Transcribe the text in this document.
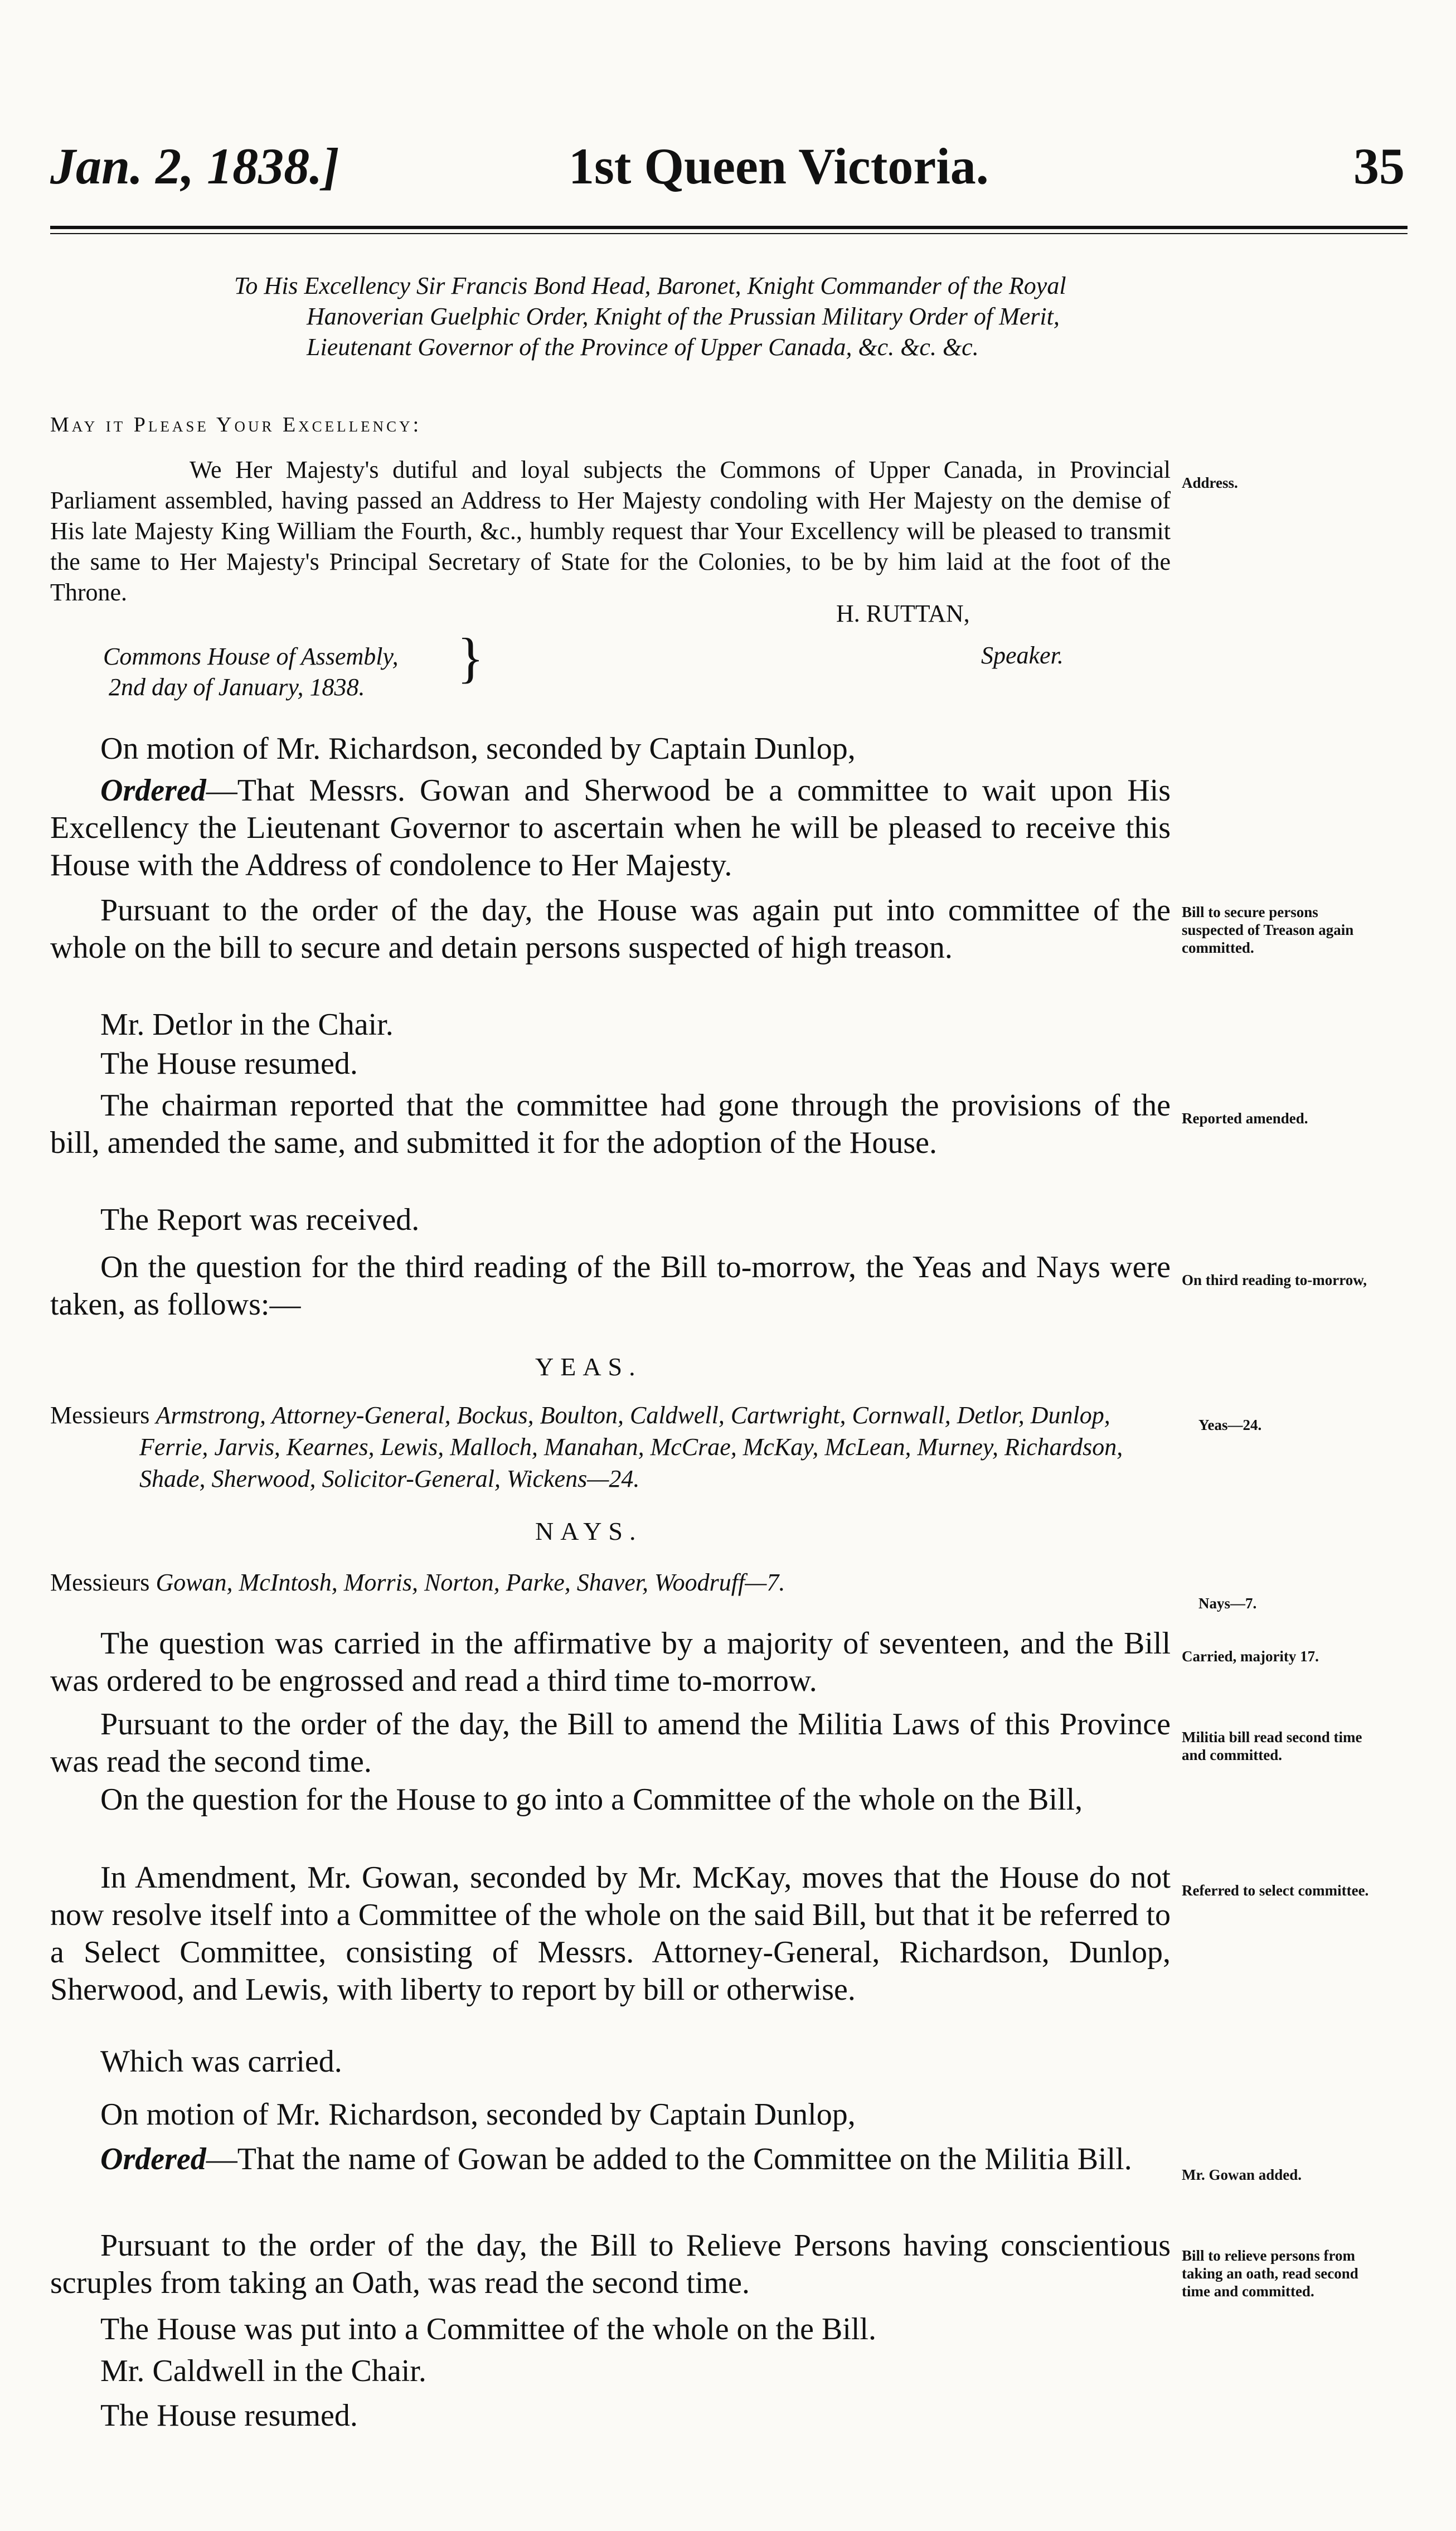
Jan. 2, 1838.]	1st Queen Victoria.	35

To His Excellency Sir Francis Bond Head, Baronet, Knight Commander of the Royal Hanoverian Guelphic Order, Knight of the Prussian Military Order of Merit, Lieutenant Governor of the Province of Upper Canada, &c. &c. &c.

May it Please Your Excellency:

We Her Majesty's dutiful and loyal subjects the Commons of Upper Canada, in Provincial Parliament assembled, having passed an Address to Her Majesty condoling with Her Majesty on the demise of His late Majesty King William the Fourth, &c., humbly request thar Your Excellency will be pleased to transmit the same to Her Majesty's Principal Secretary of State for the Colonies, to be by him laid at the foot of the Throne.

Address.
H. RUTTAN,
Commons House of Assembly,
2nd day of January, 1838.	}	Speaker.

On motion of Mr. Richardson, seconded by Captain Dunlop,

Ordered—That Messrs. Gowan and Sherwood be a committee to wait upon His Excellency the Lieutenant Governor to ascertain when he will be pleased to receive this House with the Address of condolence to Her Majesty.

Pursuant to the order of the day, the House was again put into committee of the whole on the bill to secure and detain persons suspected of high treason.

Bill to secure persons suspected of Treason again committed.

Mr. Detlor in the Chair.

The House resumed.

The chairman reported that the committee had gone through the provisions of the bill, amended the same, and submitted it for the adoption of the House.

Reported amended.

The Report was received.

On the question for the third reading of the Bill to-morrow, the Yeas and Nays were taken, as follows:—

On third reading to-morrow,
YEAS.

Messieurs Armstrong, Attorney-General, Bockus, Boulton, Caldwell, Cartwright, Cornwall, Detlor, Dunlop, Ferrie, Jarvis, Kearnes, Lewis, Malloch, Manahan, McCrae, McKay, McLean, Murney, Richardson, Shade, Sherwood, Solicitor-General, Wickens—24.

Yeas—24.
NAYS.

Messieurs Gowan, McIntosh, Morris, Norton, Parke, Shaver, Woodruff—7.

Nays—7.

The question was carried in the affirmative by a majority of seventeen, and the Bill was ordered to be engrossed and read a third time to-morrow.

Carried, majority 17.

Pursuant to the order of the day, the Bill to amend the Militia Laws of this Province was read the second time.

Militia bill read second time and committed.

On the question for the House to go into a Committee of the whole on the Bill,

In Amendment, Mr. Gowan, seconded by Mr. McKay, moves that the House do not now resolve itself into a Committee of the whole on the said Bill, but that it be referred to a Select Committee, consisting of Messrs. Attorney-General, Richardson, Dunlop, Sherwood, and Lewis, with liberty to report by bill or otherwise.

Referred to select committee.

Which was carried.

On motion of Mr. Richardson, seconded by Captain Dunlop,

Ordered—That the name of Gowan be added to the Committee on the Militia Bill.	Mr. Gowan added.

Pursuant to the order of the day, the Bill to Relieve Persons having conscientious scruples from taking an Oath, was read the second time.

Bill to relieve persons from taking an oath, read second time and committed.

The House was put into a Committee of the whole on the Bill.

Mr. Caldwell in the Chair.

The House resumed.
